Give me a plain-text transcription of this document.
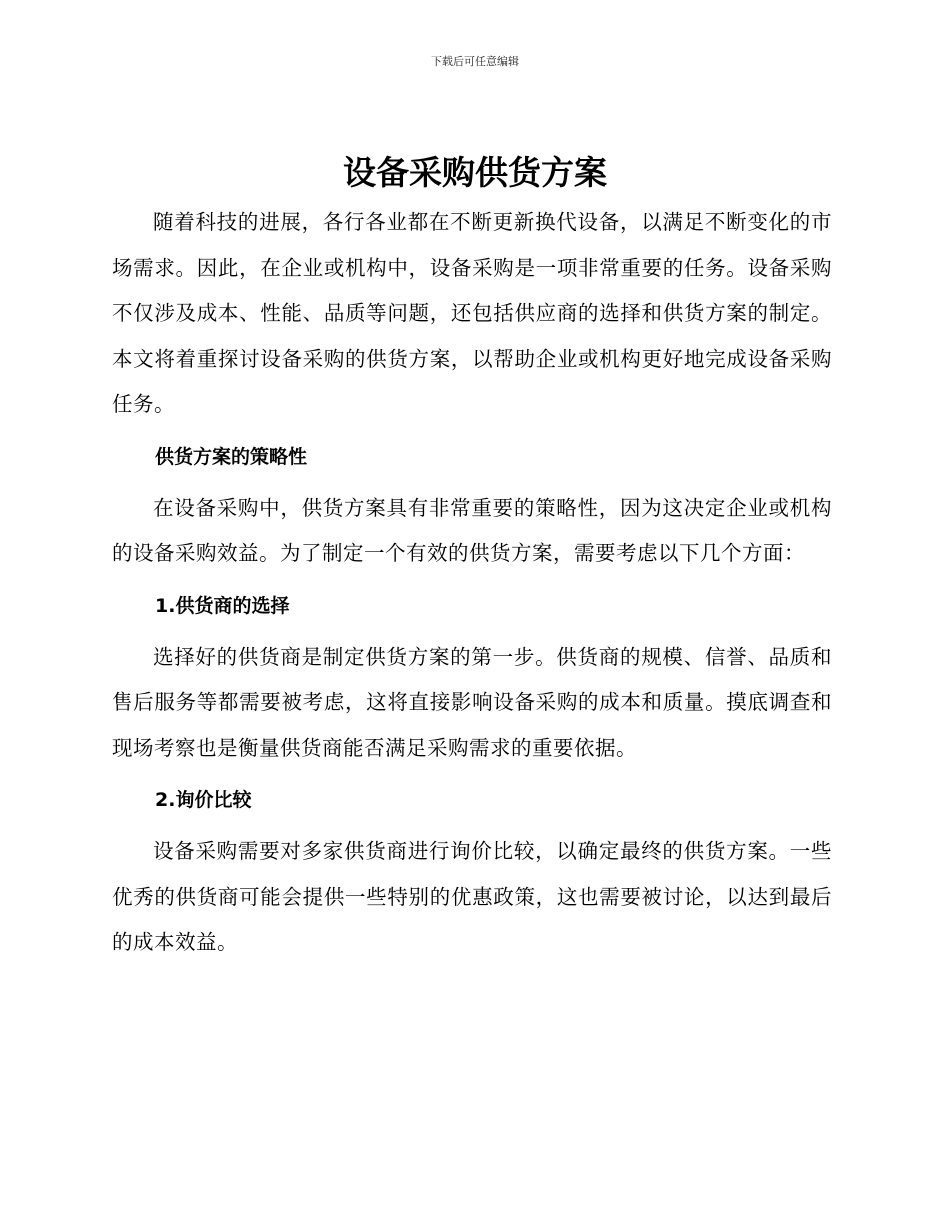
下载后可任意编辑
设备采购供货方案

随着科技的进展，各行各业都在不断更新换代设备，以满足不断变化的市场需求。因此，在企业或机构中，设备采购是一项非常重要的任务。设备采购不仅涉及成本、性能、品质等问题，还包括供应商的选择和供货方案的制定。本文将着重探讨设备采购的供货方案，以帮助企业或机构更好地完成设备采购任务。

供货方案的策略性

在设备采购中，供货方案具有非常重要的策略性，因为这决定企业或机构的设备采购效益。为了制定一个有效的供货方案，需要考虑以下几个方面：

1.供货商的选择

选择好的供货商是制定供货方案的第一步。供货商的规模、信誉、品质和售后服务等都需要被考虑，这将直接影响设备采购的成本和质量。摸底调查和现场考察也是衡量供货商能否满足采购需求的重要依据。

2.询价比较

设备采购需要对多家供货商进行询价比较，以确定最终的供货方案。一些优秀的供货商可能会提供一些特别的优惠政策，这也需要被讨论，以达到最后的成本效益。
